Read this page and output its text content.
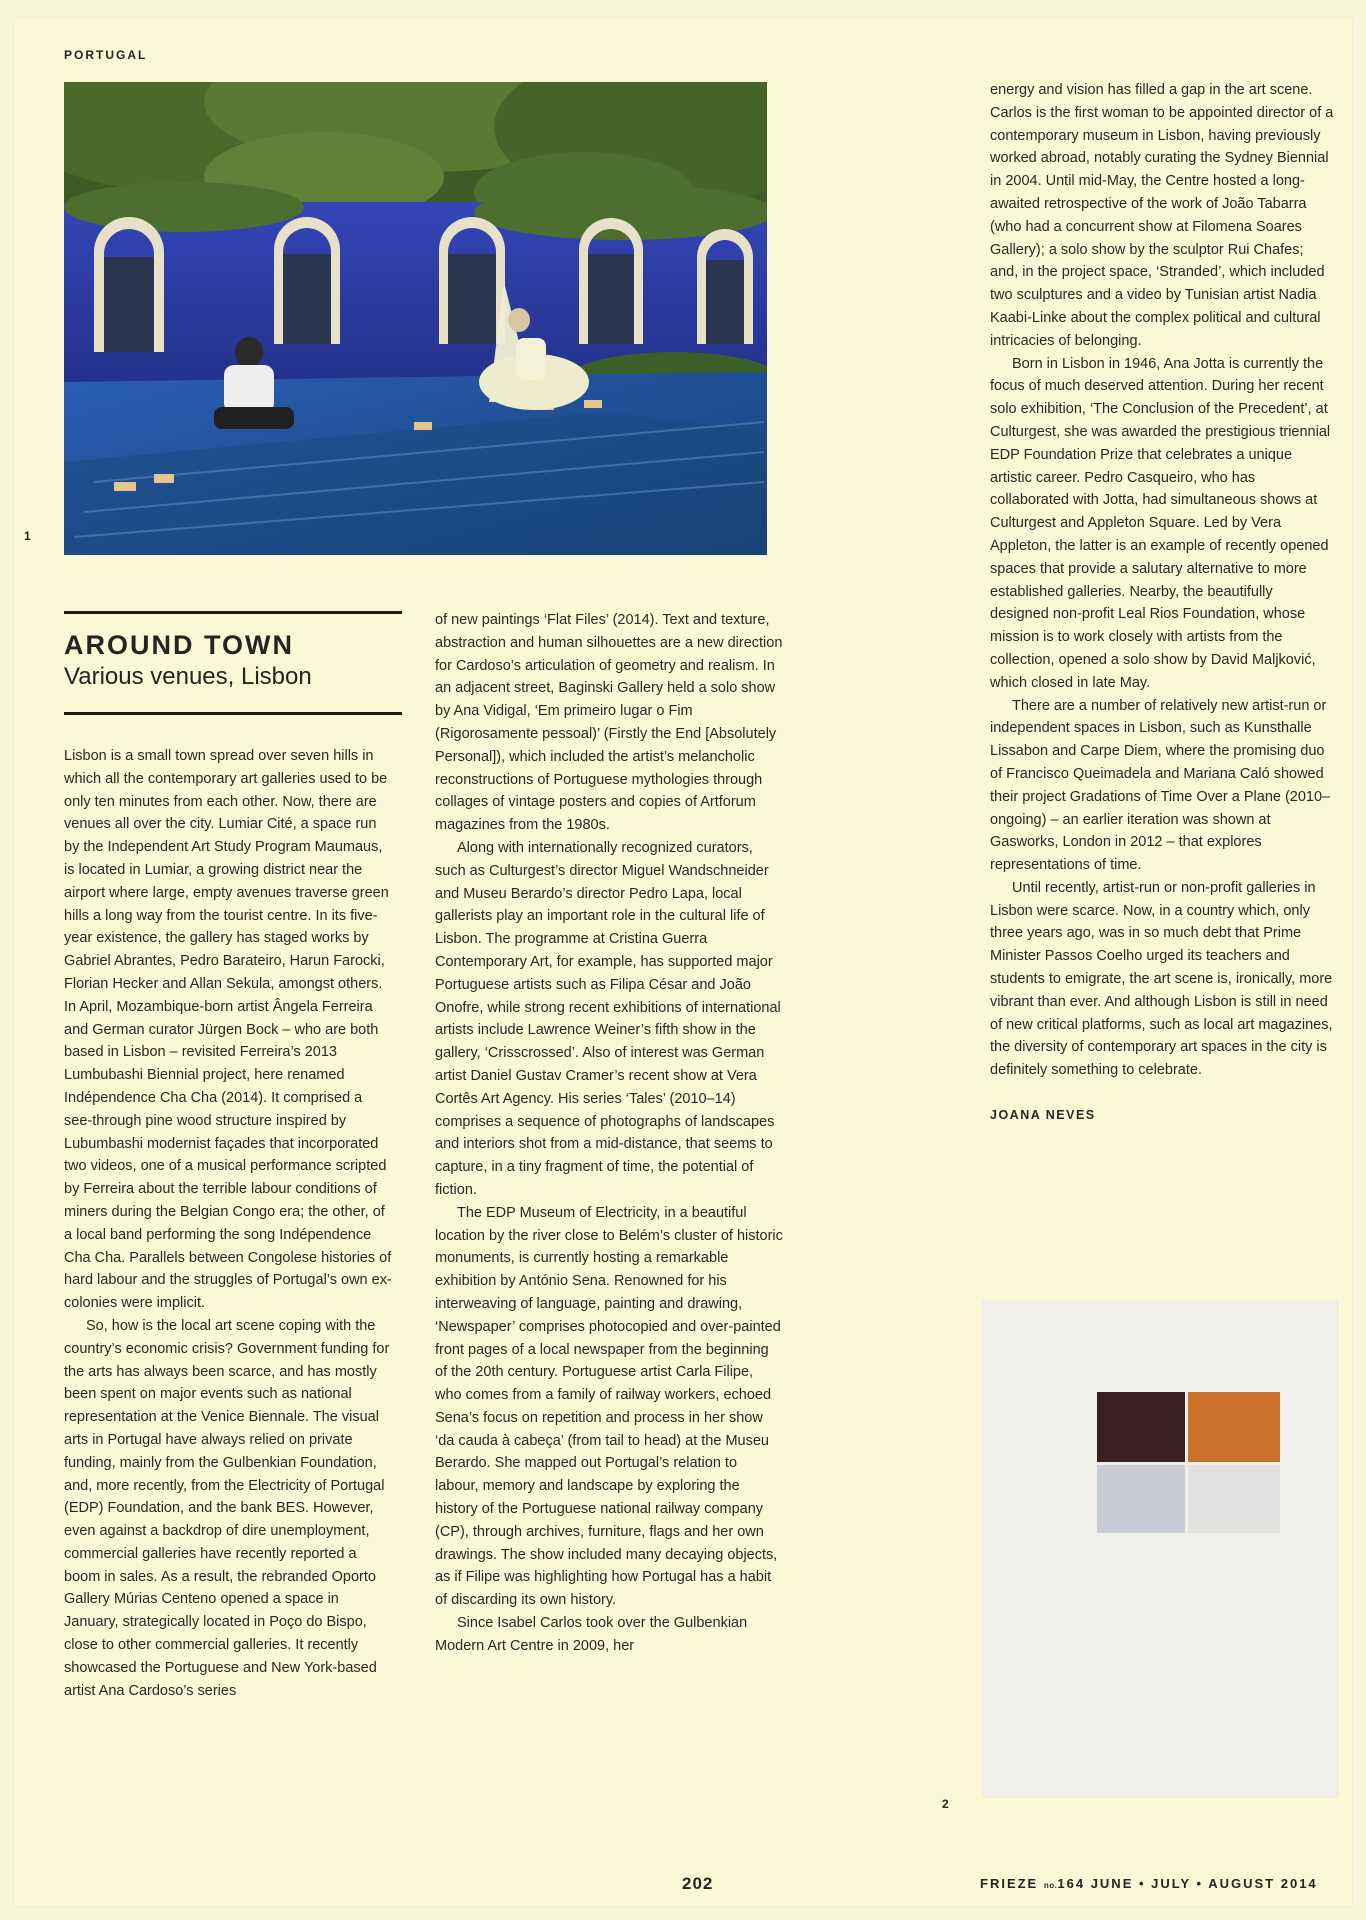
PORTUGAL
1
AROUND TOWN
Various venues, Lisbon

Lisbon is a small town spread over seven hills in which all the contemporary art galleries used to be only ten minutes from each other. Now, there are venues all over the city. Lumiar Cité, a space run by the Independent Art Study Program Maumaus, is located in Lumiar, a growing district near the airport where large, empty avenues traverse green hills a long way from the tourist centre. In its five-year existence, the gallery has staged works by Gabriel Abrantes, Pedro Barateiro, Harun Farocki, Florian Hecker and Allan Sekula, amongst others. In April, Mozambique-born artist Ângela Ferreira and German curator Jürgen Bock – who are both based in Lisbon – revisited Ferreira’s 2013 Lumbubashi Biennial project, here renamed Indépendence Cha Cha (2014). It comprised a see-through pine wood structure inspired by Lubumbashi modernist façades that incorporated two videos, one of a musical performance scripted by Ferreira about the terrible labour conditions of miners during the Belgian Congo era; the other, of a local band performing the song Indépendence Cha Cha. Parallels between Congolese histories of hard labour and the struggles of Portugal’s own ex-colonies were implicit.

So, how is the local art scene coping with the country’s economic crisis? Government funding for the arts has always been scarce, and has mostly been spent on major events such as national representation at the Venice Biennale. The visual arts in Portugal have always relied on private funding, mainly from the Gulbenkian Foundation, and, more recently, from the Electricity of Portugal (EDP) Foundation, and the bank BES. However, even against a backdrop of dire unemployment, commercial galleries have recently reported a boom in sales. As a result, the rebranded Oporto Gallery Múrias Centeno opened a space in January, strategically located in Poço do Bispo, close to other commercial galleries. It recently showcased the Portuguese and New York-based artist Ana Cardoso’s series

of new paintings ‘Flat Files’ (2014). Text and texture, abstraction and human silhouettes are a new direction for Cardoso’s articulation of geometry and realism. In an adjacent street, Baginski Gallery held a solo show by Ana Vidigal, ‘Em primeiro lugar o Fim (Rigorosamente pessoal)’ (Firstly the End [Absolutely Personal]), which included the artist’s melancholic reconstructions of Portuguese mythologies through collages of vintage posters and copies of Artforum magazines from the 1980s.

Along with internationally recognized curators, such as Culturgest’s director Miguel Wandschneider and Museu Berardo’s director Pedro Lapa, local gallerists play an important role in the cultural life of Lisbon. The programme at Cristina Guerra Contemporary Art, for example, has supported major Portuguese artists such as Filipa César and João Onofre, while strong recent exhibitions of international artists include Lawrence Weiner’s fifth show in the gallery, ‘Crisscrossed’. Also of interest was German artist Daniel Gustav Cramer’s recent show at Vera Cortês Art Agency. His series ‘Tales’ (2010–14) comprises a sequence of photographs of landscapes and interiors shot from a mid-distance, that seems to capture, in a tiny fragment of time, the potential of fiction.

The EDP Museum of Electricity, in a beautiful location by the river close to Belém’s cluster of historic monuments, is currently hosting a remarkable exhibition by António Sena. Renowned for his interweaving of language, painting and drawing, ‘Newspaper’ comprises photocopied and over-painted front pages of a local newspaper from the beginning of the 20th century. Portuguese artist Carla Filipe, who comes from a family of railway workers, echoed Sena’s focus on repetition and process in her show ‘da cauda à cabeça’ (from tail to head) at the Museu Berardo. She mapped out Portugal’s relation to labour, memory and landscape by exploring the history of the Portuguese national railway company (CP), through archives, furniture, flags and her own drawings. The show included many decaying objects, as if Filipe was highlighting how Portugal has a habit of discarding its own history.

Since Isabel Carlos took over the Gulbenkian Modern Art Centre in 2009, her

energy and vision has filled a gap in the art scene. Carlos is the first woman to be appointed director of a contemporary museum in Lisbon, having previously worked abroad, notably curating the Sydney Biennial in 2004. Until mid-May, the Centre hosted a long-awaited retrospective of the work of João Tabarra (who had a concurrent show at Filomena Soares Gallery); a solo show by the sculptor Rui Chafes; and, in the project space, ‘Stranded’, which included two sculptures and a video by Tunisian artist Nadia Kaabi-Linke about the complex political and cultural intricacies of belonging.

Born in Lisbon in 1946, Ana Jotta is currently the focus of much deserved attention. During her recent solo exhibition, ‘The Conclusion of the Precedent’, at Culturgest, she was awarded the prestigious triennial EDP Foundation Prize that celebrates a unique artistic career. Pedro Casqueiro, who has collaborated with Jotta, had simultaneous shows at Culturgest and Appleton Square. Led by Vera Appleton, the latter is an example of recently opened spaces that provide a salutary alternative to more established galleries. Nearby, the beautifully designed non-profit Leal Rios Foundation, whose mission is to work closely with artists from the collection, opened a solo show by David Maljković, which closed in late May.

There are a number of relatively new artist-run or independent spaces in Lisbon, such as Kunsthalle Lissabon and Carpe Diem, where the promising duo of Francisco Queimadela and Mariana Caló showed their project Gradations of Time Over a Plane (2010–ongoing) – an earlier iteration was shown at Gasworks, London in 2012 – that explores representations of time.

Until recently, artist-run or non-profit galleries in Lisbon were scarce. Now, in a country which, only three years ago, was in so much debt that Prime Minister Passos Coelho urged its teachers and students to emigrate, the art scene is, ironically, more vibrant than ever. And although Lisbon is still in need of new critical platforms, such as local art magazines, the diversity of contemporary art spaces in the city is definitely something to celebrate.

JOANA NEVES
2
202	FRIEZE no.164 JUNE • JULY • AUGUST 2014
